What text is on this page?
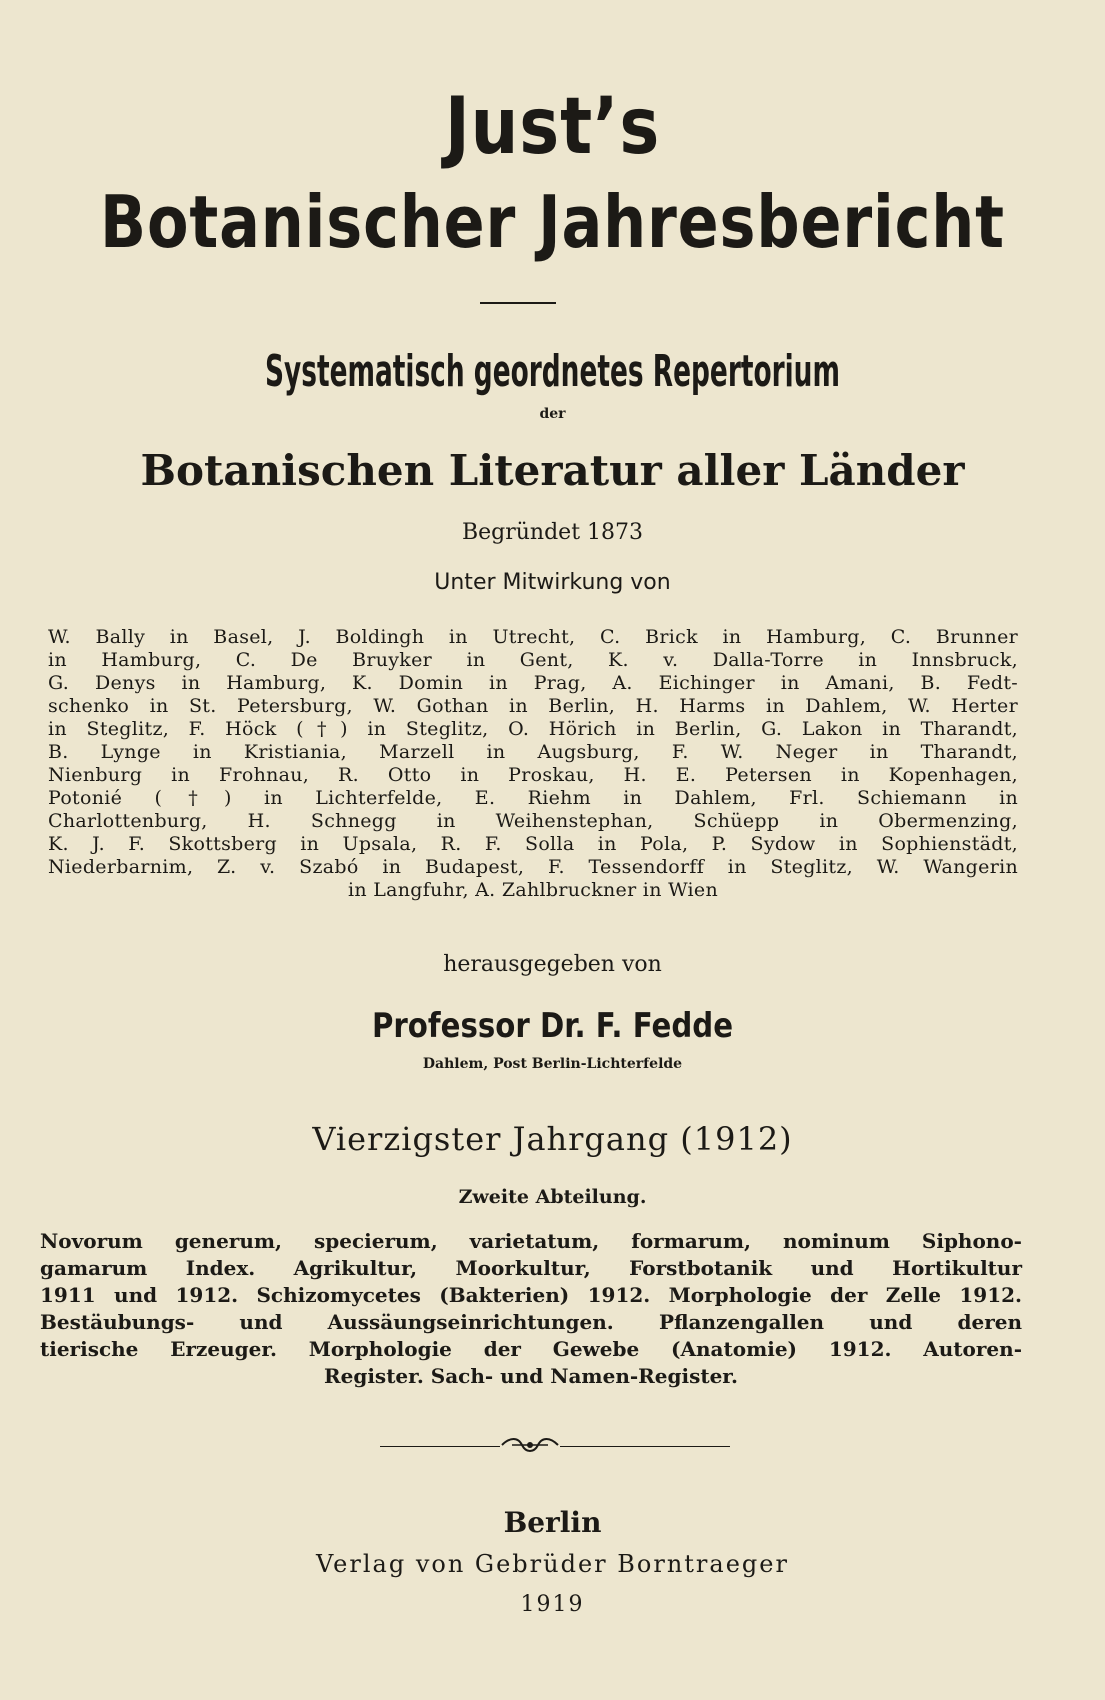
Just’s
Botanischer Jahresbericht
Systematisch geordnetes Repertorium
der
Botanischen Literatur aller Länder
Begründet 1873
Unter Mitwirkung von
W. Bally in Basel, J. Boldingh in Utrecht, C. Brick in Hamburg, C. Brunner
in Hamburg, C. De Bruyker in Gent, K. v. Dalla-Torre in Innsbruck,
G. Denys in Hamburg, K. Domin in Prag, A. Eichinger in Amani, B. Fedt-
schenko in St. Petersburg, W. Gothan in Berlin, H. Harms in Dahlem, W. Herter
in Steglitz, F. Höck (†) in Steglitz, O. Hörich in Berlin, G. Lakon in Tharandt,
B. Lynge in Kristiania, Marzell in Augsburg, F. W. Neger in Tharandt,
Nienburg in Frohnau, R. Otto in Proskau, H. E. Petersen in Kopenhagen,
Potonié (†) in Lichterfelde, E. Riehm in Dahlem, Frl. Schiemann in
Charlottenburg, H. Schnegg in Weihenstephan, Schüepp in Obermenzing,
K. J. F. Skottsberg in Upsala, R. F. Solla in Pola, P. Sydow in Sophienstädt,
Niederbarnim, Z. v. Szabó in Budapest, F. Tessendorff in Steglitz, W. Wangerin
in Langfuhr, A. Zahlbruckner in Wien
herausgegeben von
Professor Dr. F. Fedde
Dahlem, Post Berlin-Lichterfelde
Vierzigster Jahrgang (1912)
Zweite Abteilung.
Novorum generum, specierum, varietatum, formarum, nominum Siphono-
gamarum Index. Agrikultur, Moorkultur, Forstbotanik und Hortikultur
1911 und 1912. Schizomycetes (Bakterien) 1912. Morphologie der Zelle 1912.
Bestäubungs- und Aussäungseinrichtungen. Pflanzengallen und deren
tierische Erzeuger. Morphologie der Gewebe (Anatomie) 1912. Autoren-
Register. Sach- und Namen-Register.
Berlin
Verlag von Gebrüder Borntraeger
1919
